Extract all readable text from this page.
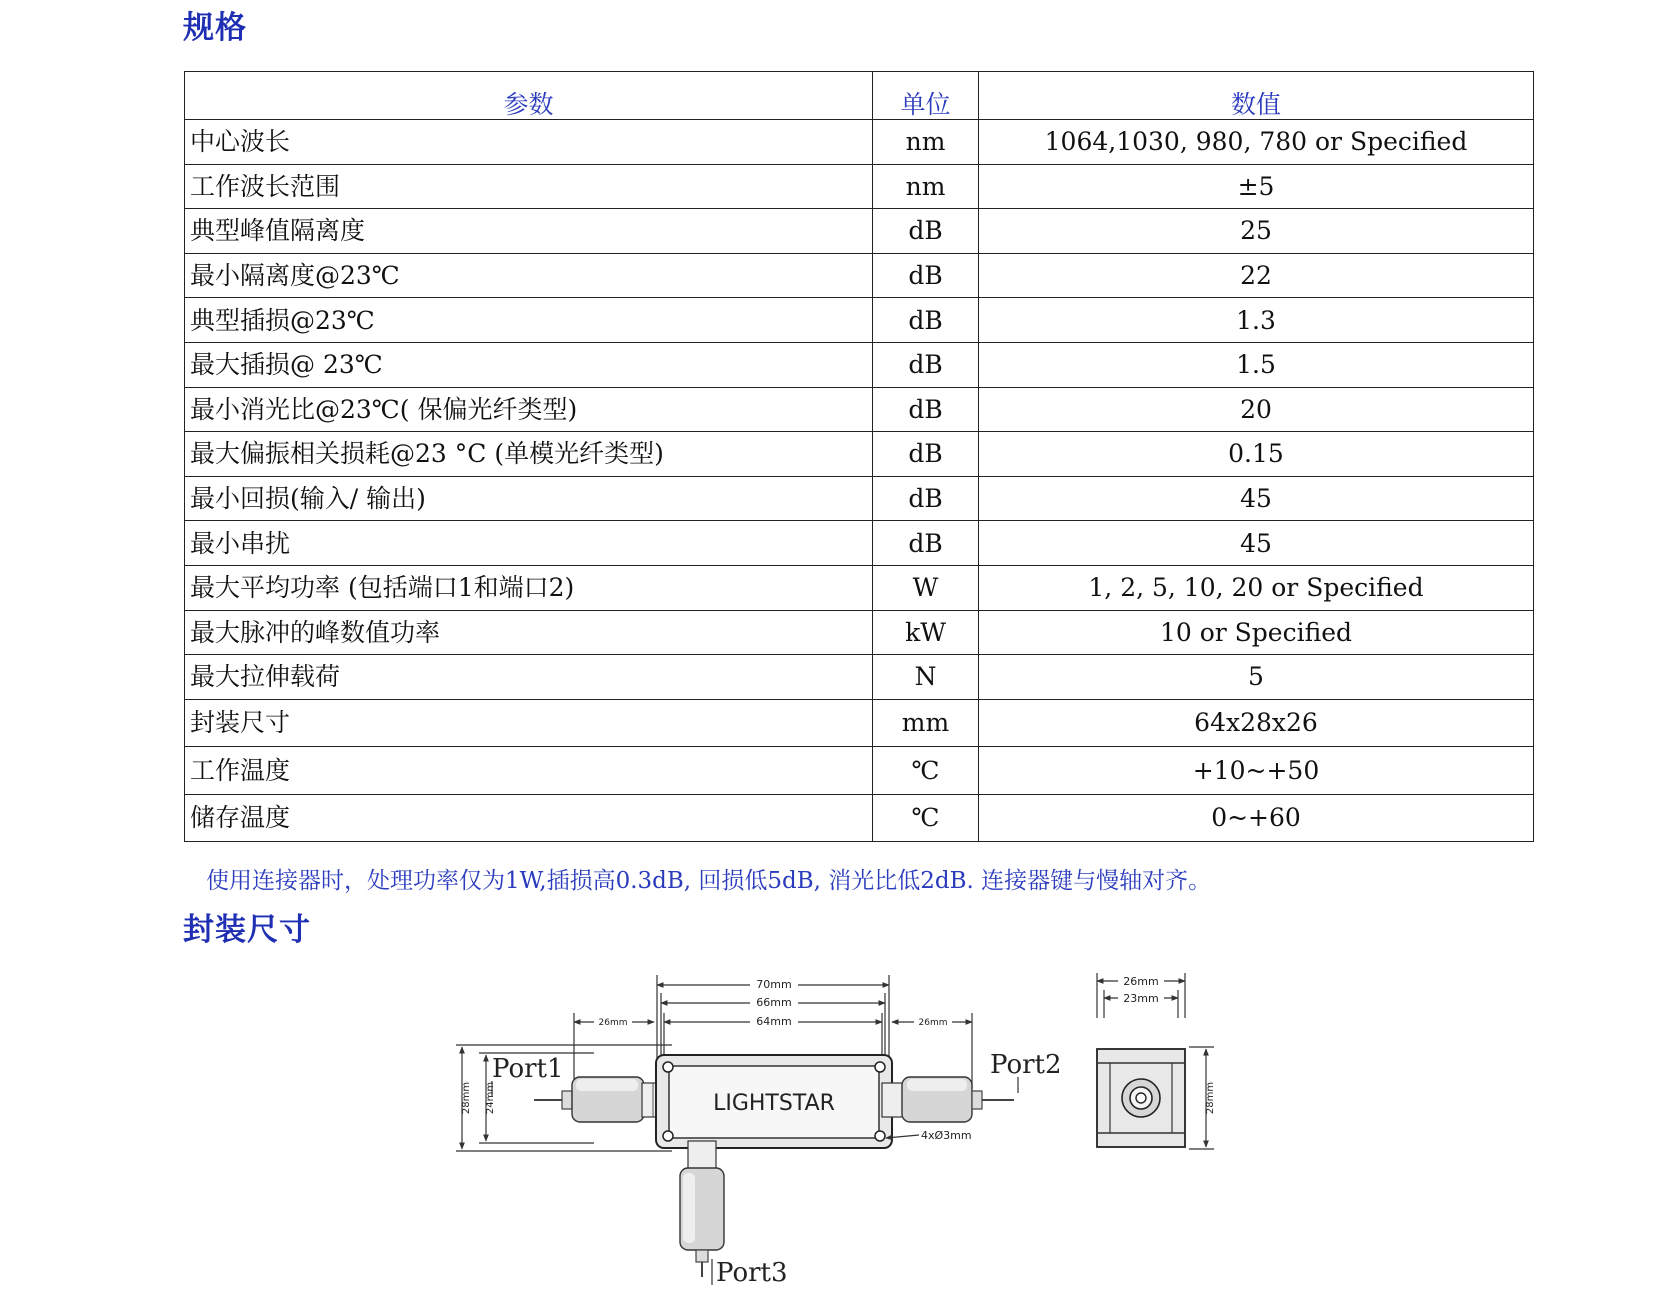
规格
参数	单位	数值
中心波长	nm	1064,1030, 980, 780 or Specified
工作波长范围	nm	±5
典型峰值隔离度	dB	25
最小隔离度@23℃	dB	22
典型插损@23℃	dB	1.3
最大插损@ 23℃	dB	1.5
最小消光比@23℃( 保偏光纤类型)	dB	20
最大偏振相关损耗@23 °C (单模光纤类型)	dB	0.15
最小回损(输入/ 输出)	dB	45
最小串扰	dB	45
最大平均功率 (包括端口1和端口2)	W	1, 2, 5, 10, 20 or Specified
最大脉冲的峰数值功率	kW	10 or Specified
最大拉伸载荷	N	5
封装尺寸	mm	64x28x26
工作温度	℃	+10~+50
储存温度	℃	0~+60

使用连接器时，处理功率仅为1W,插损高0.3dB, 回损低5dB, 消光比低2dB. 连接器键与慢轴对齐。

封装尺寸
70mm
66mm
64mm
26mm	26mm
28mm 24mm
4xØ3mm
LIGHTSTAR
Port1	Port2
Port3
26mm
23mm
28mm
